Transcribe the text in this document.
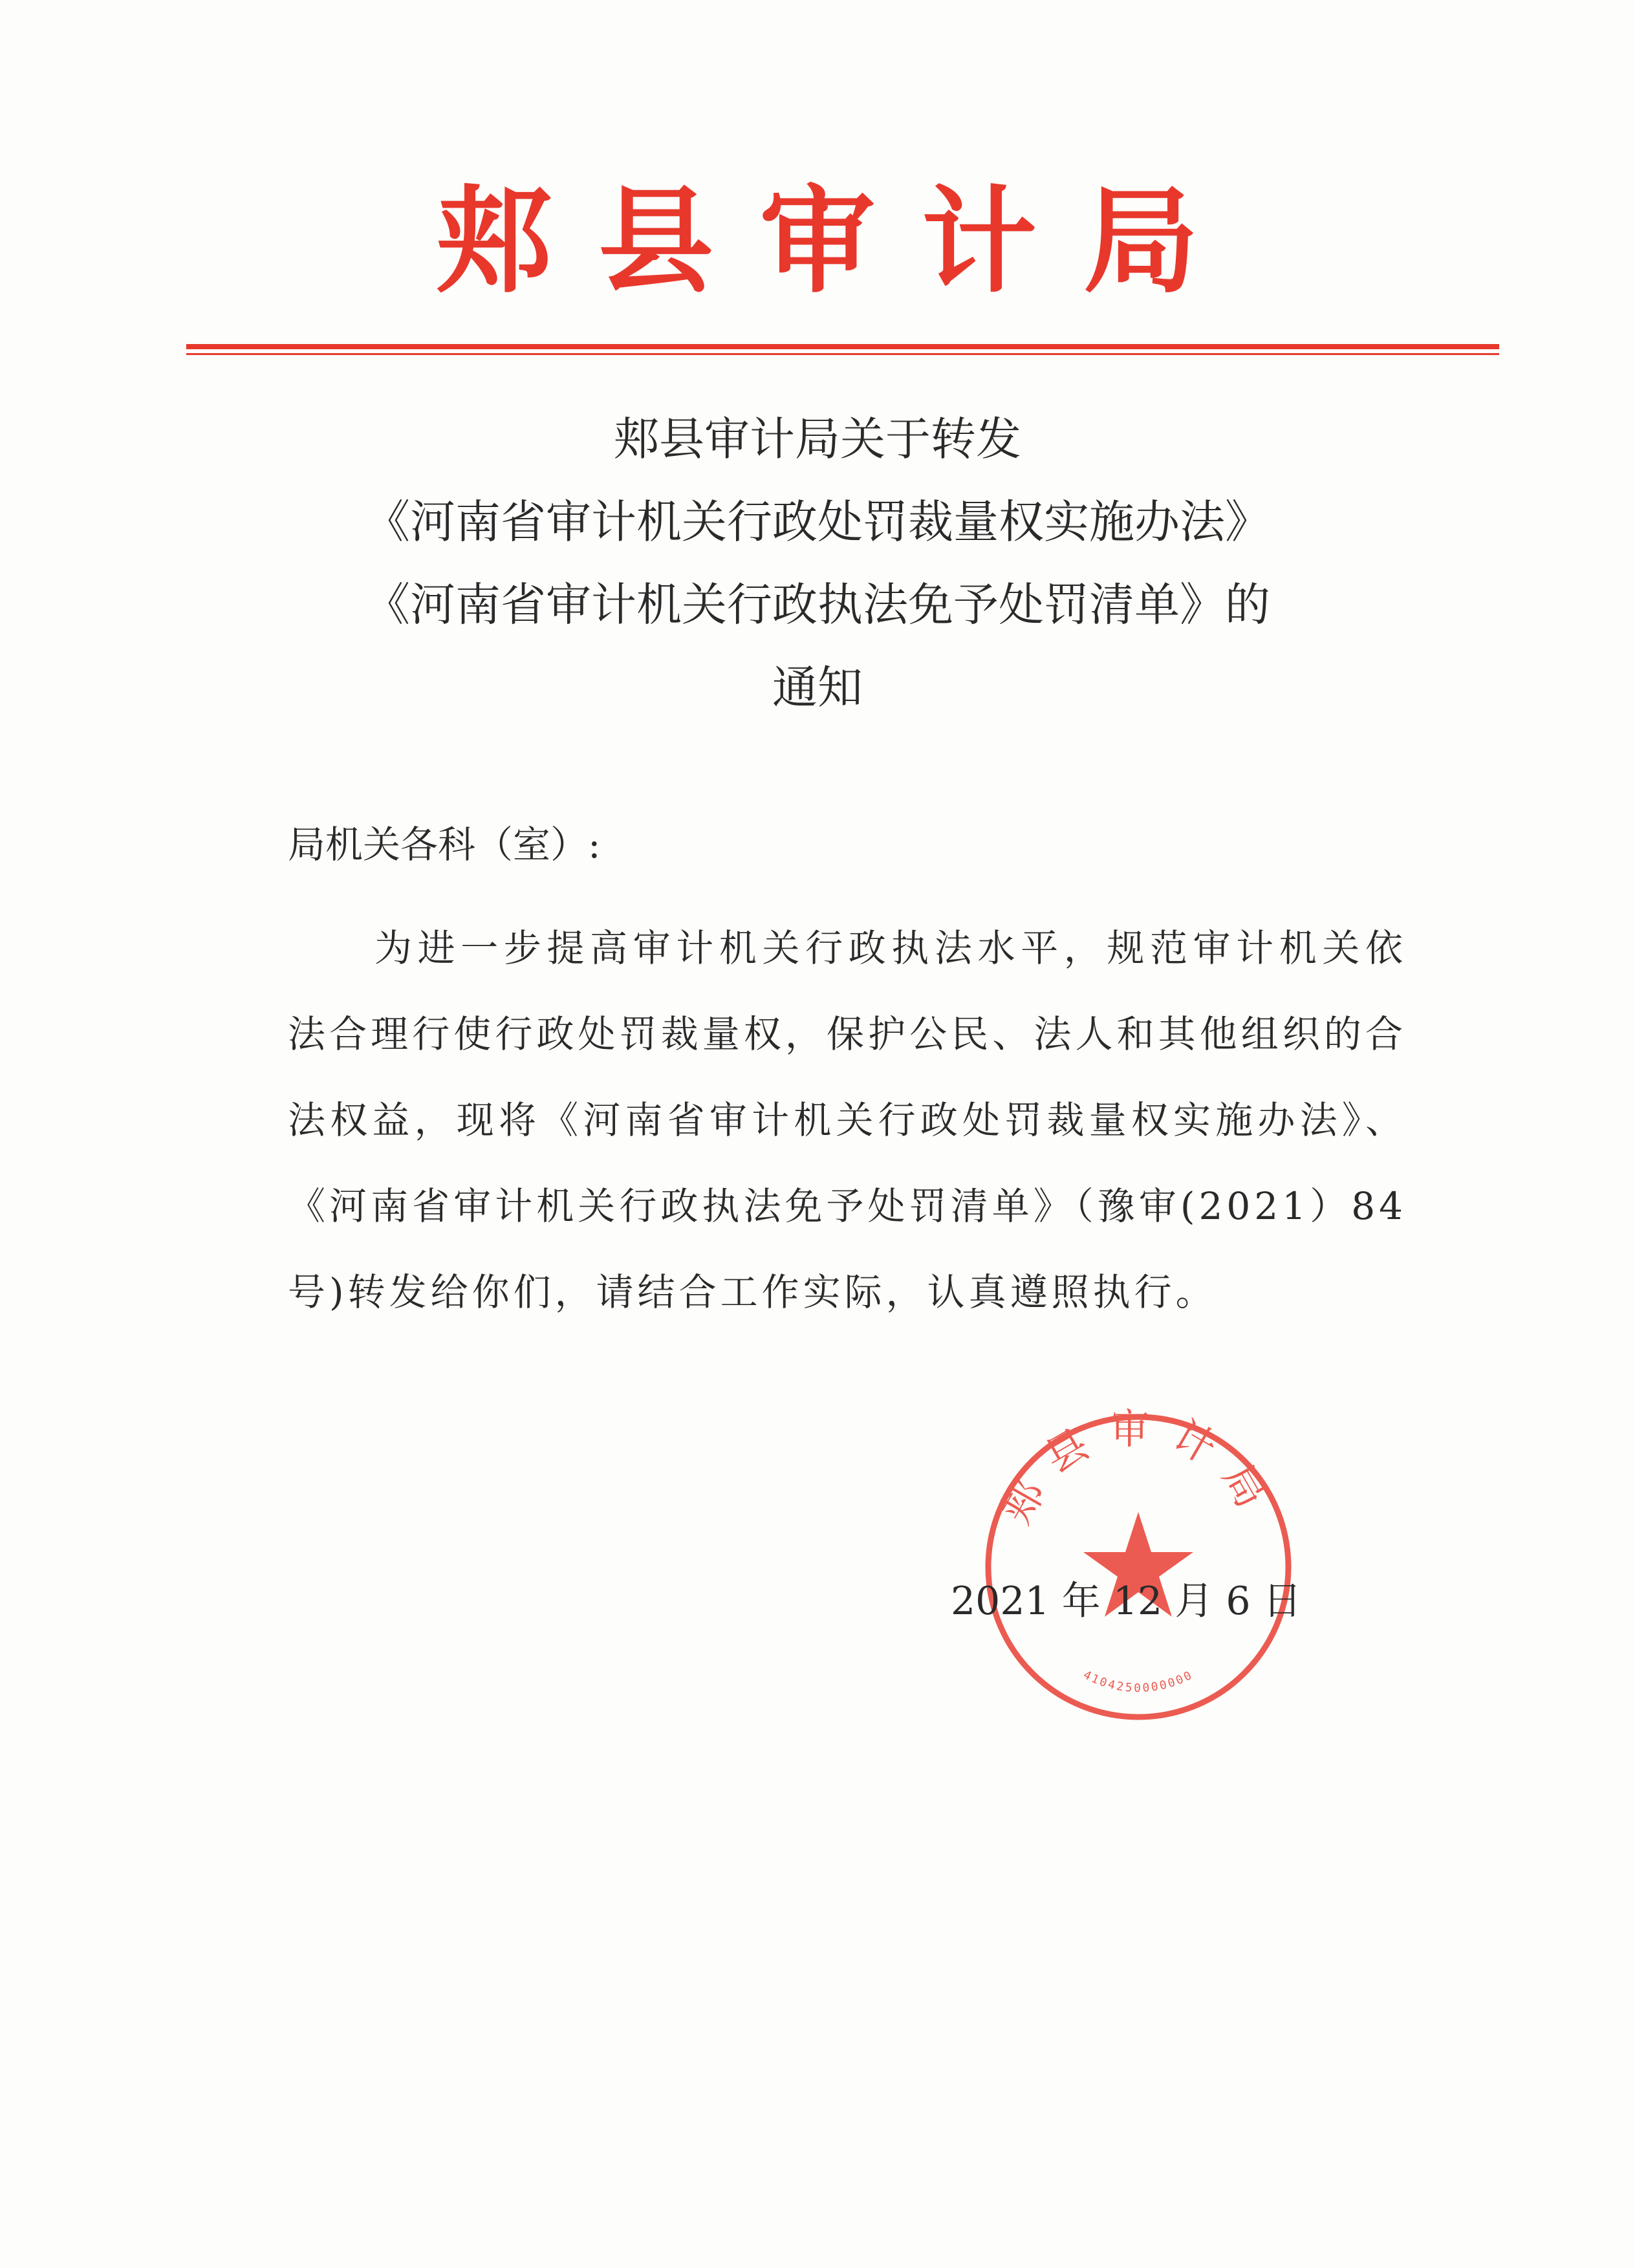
郏县审计局
郏县审计局关于转发
《河南省审计机关行政处罚裁量权实施办法》
《河南省审计机关行政执法免予处罚清单》的
通知
局机关各科（室）:

为进一步提高审计机关行政执法水平，规范审计机关依法合理行使行政处罚裁量权，保护公民、法人和其他组织的合法权益，现将《河南省审计机关行政处罚裁量权实施办法》、《河南省审计机关行政执法免予处罚清单》（豫审(2021）84号)转发给你们，请结合工作实际，认真遵照执行。

郏县审计局
4104250000000
2021 年 12 月 6 日
